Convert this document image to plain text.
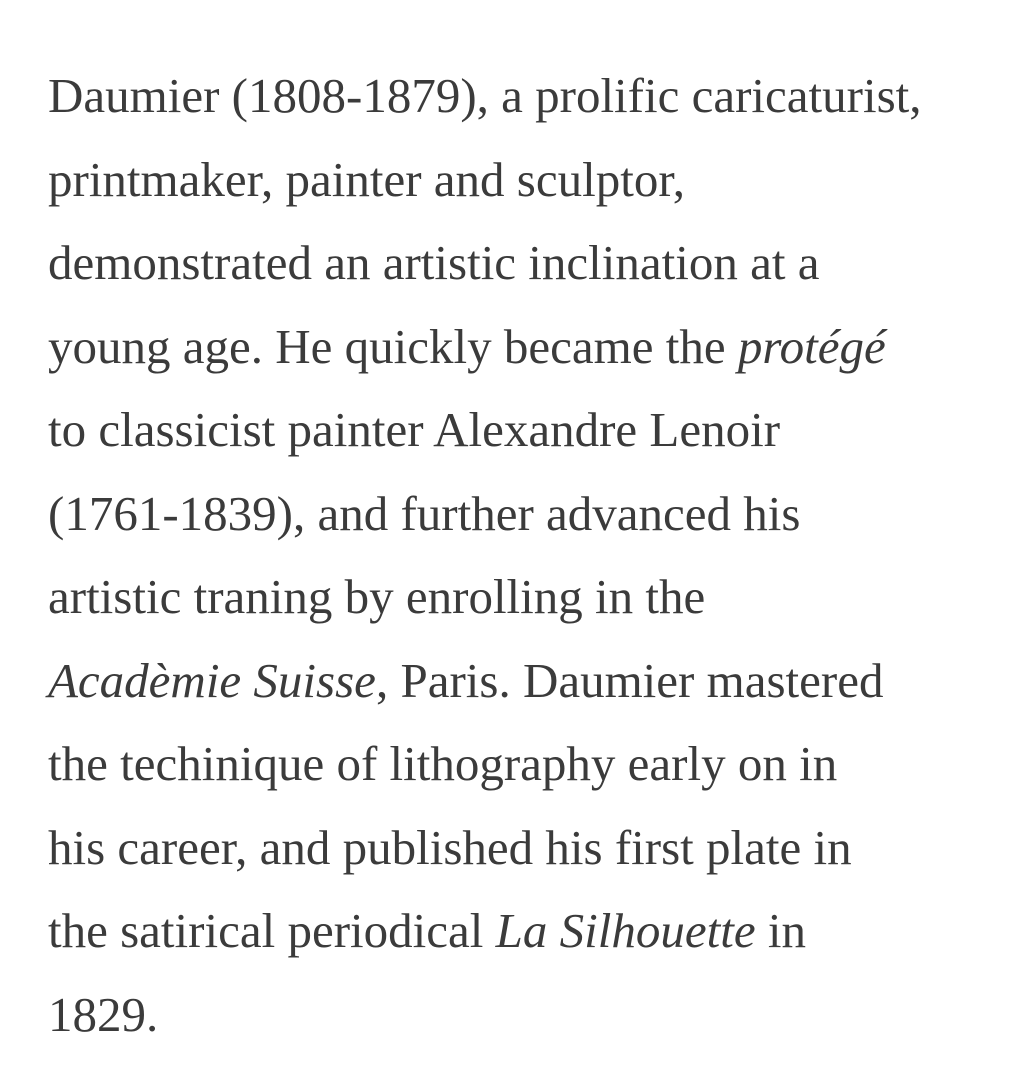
Daumier (1808-1879), a prolific caricaturist,
printmaker, painter and sculptor,
demonstrated an artistic inclination at a
young age. He quickly became the protégé
to classicist painter Alexandre Lenoir
(1761-1839), and further advanced his
artistic traning by enrolling in the
Acadèmie Suisse, Paris. Daumier mastered
the techinique of lithography early on in
his career, and published his first plate in
the satirical periodical La Silhouette in
1829.
